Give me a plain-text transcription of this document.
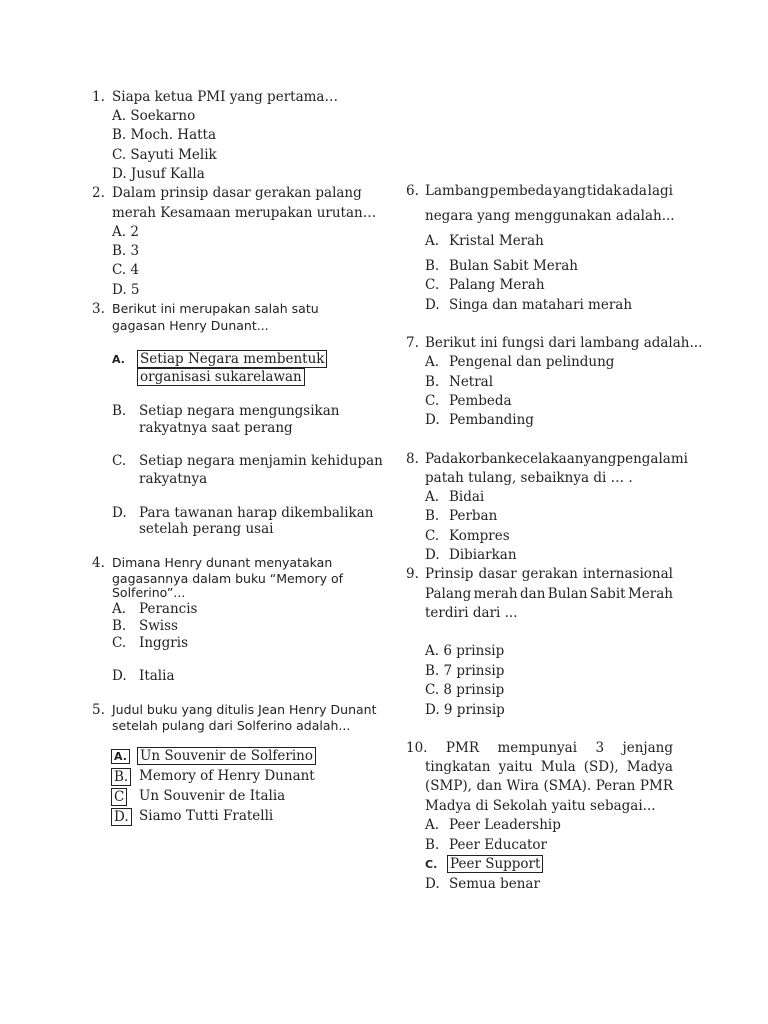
1. Siapa ketua PMI yang pertama…
A. Soekarno
B. Moch. Hatta
C. Sayuti Melik
D. Jusuf Kalla
2. Dalam prinsip dasar gerakan palang
merah Kesamaan merupakan urutan…
A. 2
B. 3
C. 4
D. 5
3. Berikut ini merupakan salah satu
gagasan Henry Dunant...
A. Setiap Negara membentuk
organisasi sukarelawan
B. Setiap negara mengungsikan
rakyatnya saat perang
C. Setiap negara menjamin kehidupan
rakyatnya
D. Para tawanan harap dikembalikan
setelah perang usai
4. Dimana Henry dunant menyatakan
gagasannya dalam buku “Memory of
Solferino”...
A. Perancis
B. Swiss
C. Inggris
D. Italia
5. Judul buku yang ditulis Jean Henry Dunant
setelah pulang dari Solferino adalah...
A. Un Souvenir de Solferino
B. Memory of Henry Dunant
C Un Souvenir de Italia
D. Siamo Tutti Fratelli
6. Lambang pembeda yang tidak ada lagi
negara yang menggunakan adalah...
A. Kristal Merah
B. Bulan Sabit Merah
C. Palang Merah
D. Singa dan matahari merah
7. Berikut ini fungsi dari lambang adalah...
A. Pengenal dan pelindung
B. Netral
C. Pembeda
D. Pembanding
8. Pada korban kecelakaan yangpengalami
patah tulang, sebaiknya di … .
A. Bidai
B. Perban
C. Kompres
D. Dibiarkan
9. Prinsip dasar gerakan internasional
Palang merah dan Bulan Sabit Merah
terdiri dari ...
A. 6 prinsip
B. 7 prinsip
C. 8 prinsip
D. 9 prinsip
10. PMR mempunyai 3 jenjang
tingkatan yaitu Mula (SD), Madya
(SMP), dan Wira (SMA). Peran PMR
Madya di Sekolah yaitu sebagai...
A. Peer Leadership
B. Peer Educator
C. Peer Support
D. Semua benar
